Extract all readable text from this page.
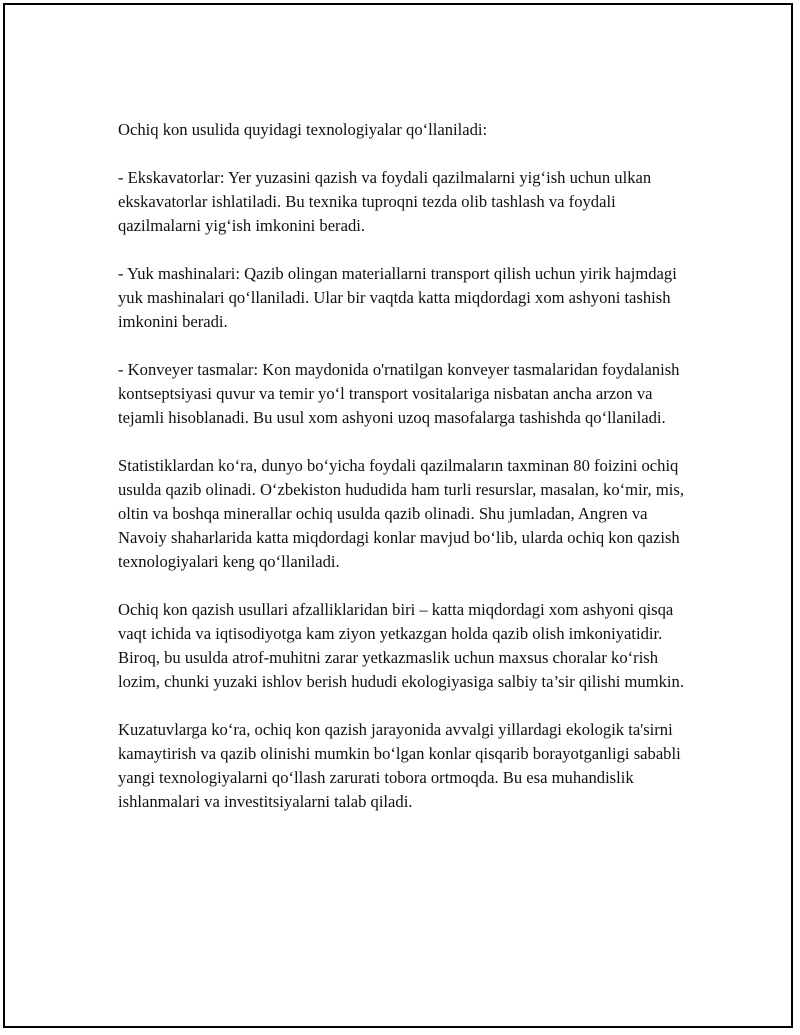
Ochiq kon usulida quyidagi texnologiyalar qo‘llaniladi:

- Ekskavatorlar: Yer yuzasini qazish va foydali qazilmalarni yig‘ish uchun ulkan ekskavatorlar ishlatiladi. Bu texnika tuproqni tezda olib tashlash va foydali qazilmalarni yig‘ish imkonini beradi.

- Yuk mashinalari: Qazib olingan materiallarni transport qilish uchun yirik hajmdagi yuk mashinalari qo‘llaniladi. Ular bir vaqtda katta miqdordagi xom ashyoni tashish imkonini beradi.

- Konveyer tasmalar: Kon maydonida o'rnatilgan konveyer tasmalaridan foydalanish kontseptsiyasi quvur va temir yo‘l transport vositalariga nisbatan ancha arzon va tejamli hisoblanadi. Bu usul xom ashyoni uzoq masofalarga tashishda qo‘llaniladi.

Statistiklardan ko‘ra, dunyo bo‘yicha foydali qazilmaların taxminan 80 foizini ochiq usulda qazib olinadi. O‘zbekiston hududida ham turli resurslar, masalan, ko‘mir, mis, oltin va boshqa minerallar ochiq usulda qazib olinadi. Shu jumladan, Angren va Navoiy shaharlarida katta miqdordagi konlar mavjud bo‘lib, ularda ochiq kon qazish texnologiyalari keng qo‘llaniladi.

Ochiq kon qazish usullari afzalliklaridan biri – katta miqdordagi xom ashyoni qisqa vaqt ichida va iqtisodiyotga kam ziyon yetkazgan holda qazib olish imkoniyatidir. Biroq, bu usulda atrof-muhitni zarar yetkazmaslik uchun maxsus choralar ko‘rish lozim, chunki yuzaki ishlov berish hududi ekologiyasiga salbiy ta’sir qilishi mumkin.

Kuzatuvlarga ko‘ra, ochiq kon qazish jarayonida avvalgi yillardagi ekologik ta'sirni kamaytirish va qazib olinishi mumkin bo‘lgan konlar qisqarib borayotganligi sababli yangi texnologiyalarni qo‘llash zarurati tobora ortmoqda. Bu esa muhandislik ishlanmalari va investitsiyalarni talab qiladi.
